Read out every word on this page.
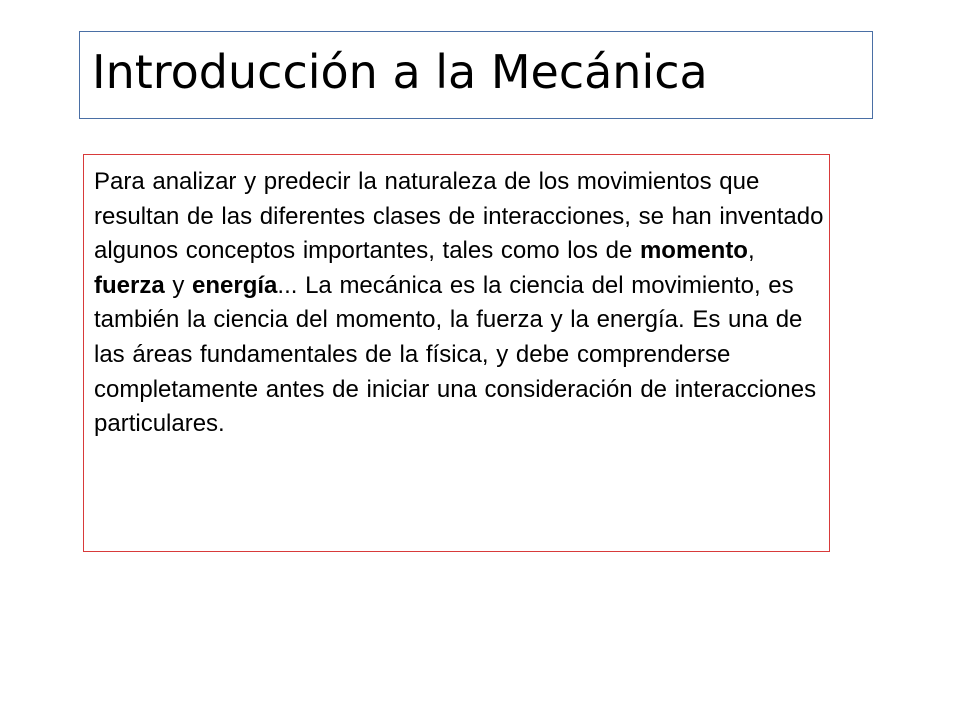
Introducción a la Mecánica
Para analizar y predecir la naturaleza de los movimientos que resultan de las diferentes clases de interacciones, se han inventado algunos conceptos importantes, tales como los de momento, fuerza y energía... La mecánica es la ciencia del movimiento, es también la ciencia del momento, la fuerza y la energía. Es una de las áreas fundamentales de la física, y debe comprenderse completamente antes de iniciar una consideración de interacciones particulares.
